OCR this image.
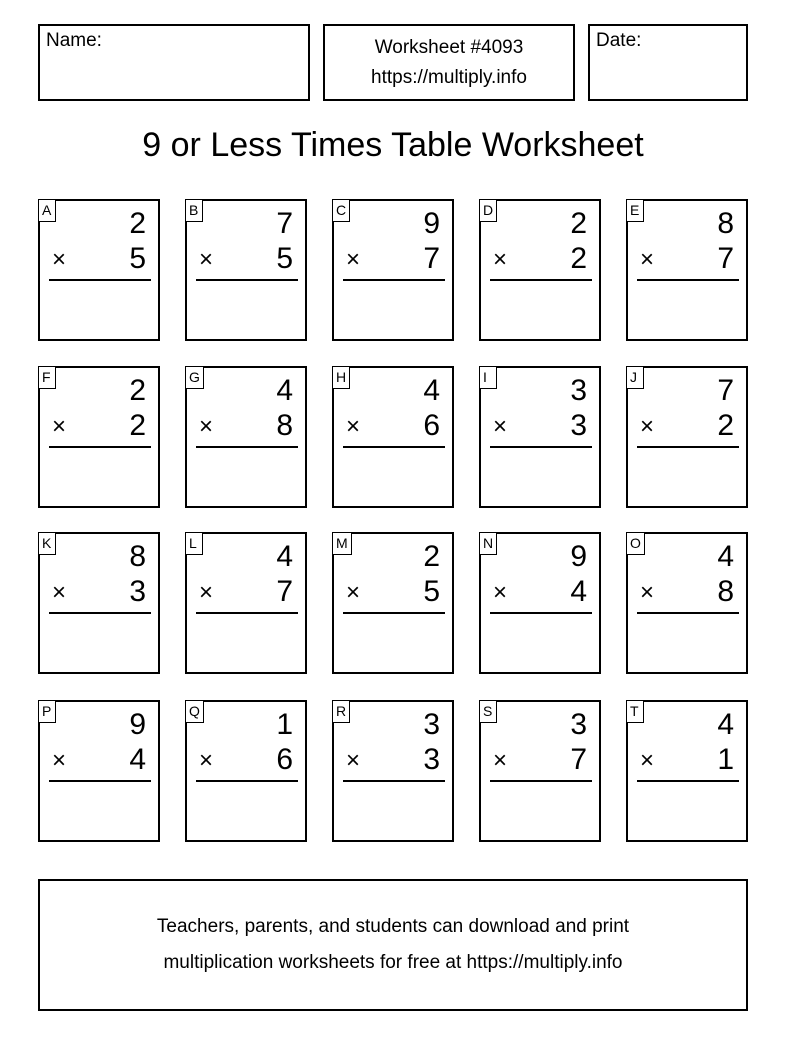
Name:	Worksheet #4093
https://multiply.info
Date:
9 or Less Times Table Worksheet
A	2
× 5
B	7
× 5
C	9
× 7
D	2
× 2
E	8
× 7
F	2
× 2
G	4
× 8
H	4
× 6
I	3
× 3
J	7
× 2
K	8
× 3
L	4
× 7
M	2
× 5
N	9
× 4
O	4
× 8
P	9
× 4
Q	1
× 6
R	3
× 3
S	3
× 7
T	4
× 1
Teachers, parents, and students can download and print
multiplication worksheets for free at https://multiply.info
